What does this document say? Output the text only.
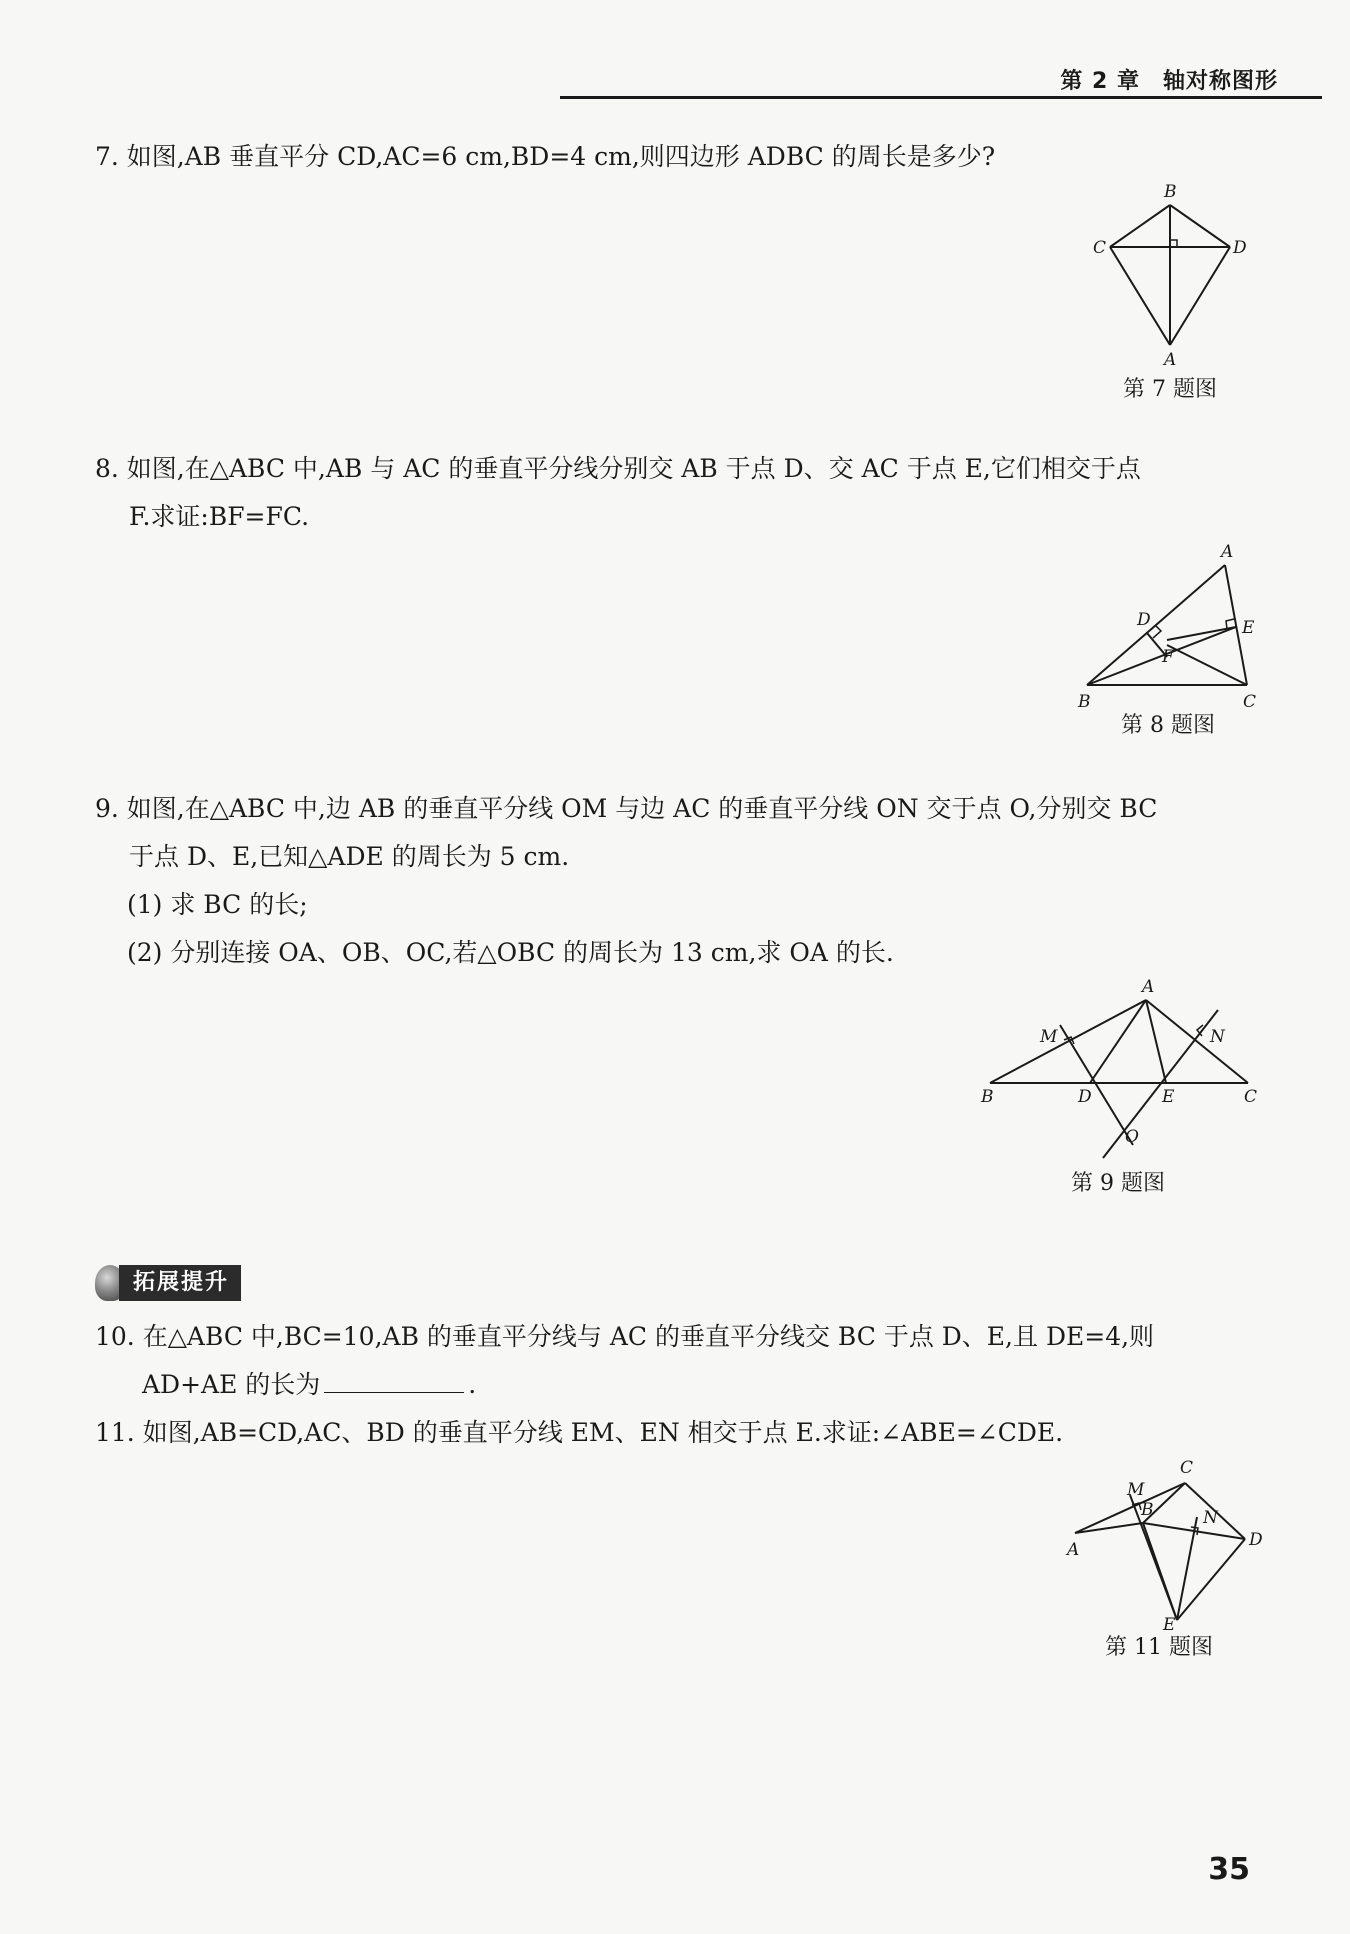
第 2 章　轴对称图形
7. 如图,AB 垂直平分 CD,AC=6 cm,BD=4 cm,则四边形 ADBC 的周长是多少?
B
C	D
A
第 7 题图
8. 如图,在△ABC 中,AB 与 AC 的垂直平分线分别交 AB 于点 D、交 AC 于点 E,它们相交于点
F.求证:BF=FC.
A
D	E
F
B	C
第 8 题图
9. 如图,在△ABC 中,边 AB 的垂直平分线 OM 与边 AC 的垂直平分线 ON 交于点 O,分别交 BC
于点 D、E,已知△ADE 的周长为 5 cm.
(1) 求 BC 的长;
(2) 分别连接 OA、OB、OC,若△OBC 的周长为 13 cm,求 OA 的长.
A
M	N
B	D	E	C
O
第 9 题图
拓展提升
10. 在△ABC 中,BC=10,AB 的垂直平分线与 AC 的垂直平分线交 BC 于点 D、E,且 DE=4,则
AD+AE 的长为	.
11. 如图,AB=CD,AC、BD 的垂直平分线 EM、EN 相交于点 E.求证:∠ABE=∠CDE.
C
M
B	N
A	D
E
第 11 题图
35
